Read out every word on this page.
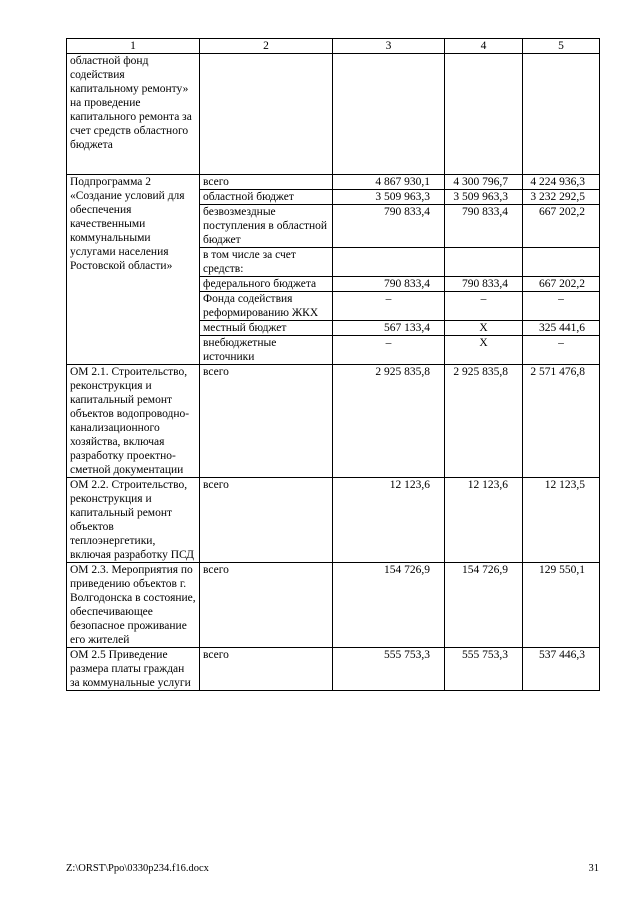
1	2	3	4	5
областной фонд содействия капитальному ремонту» на проведение капитального ремонта за счет средств областного бюджета				
Подпрограмма 2 «Создание условий для обеспечения качественными коммунальными услугами населения Ростовской области»	всего	4 867 930,1	4 300 796,7	4 224 936,3
	областной бюджет	3 509 963,3	3 509 963,3	3 232 292,5
	безвозмездные поступления в областной бюджет	790 833,4	790 833,4	667 202,2
	в том числе за счет средств:			
	федерального бюджета	790 833,4	790 833,4	667 202,2
	Фонда содействия реформированию ЖКХ	–	–	–
	местный бюджет	567 133,4	Х	325 441,6
	внебюджетные источники	–	Х	–
ОМ 2.1. Строительство, реконструкция и капитальный ремонт объектов водопроводно-канализационного хозяйства, включая разработку проектно-сметной документации	всего	2 925 835,8	2 925 835,8	2 571 476,8
ОМ 2.2. Строительство, реконструкция и капитальный ремонт объектов теплоэнергетики, включая разработку ПСД	всего	12 123,6	12 123,6	12 123,5
ОМ 2.3. Мероприятия по приведению объектов г. Волгодонска в состояние, обеспечивающее безопасное проживание его жителей	всего	154 726,9	154 726,9	129 550,1
ОМ 2.5 Приведение размера платы граждан за коммунальные услуги	всего	555 753,3	555 753,3	537 446,3
Z:\ORST\Ppo\0330p234.f16.docx	31
